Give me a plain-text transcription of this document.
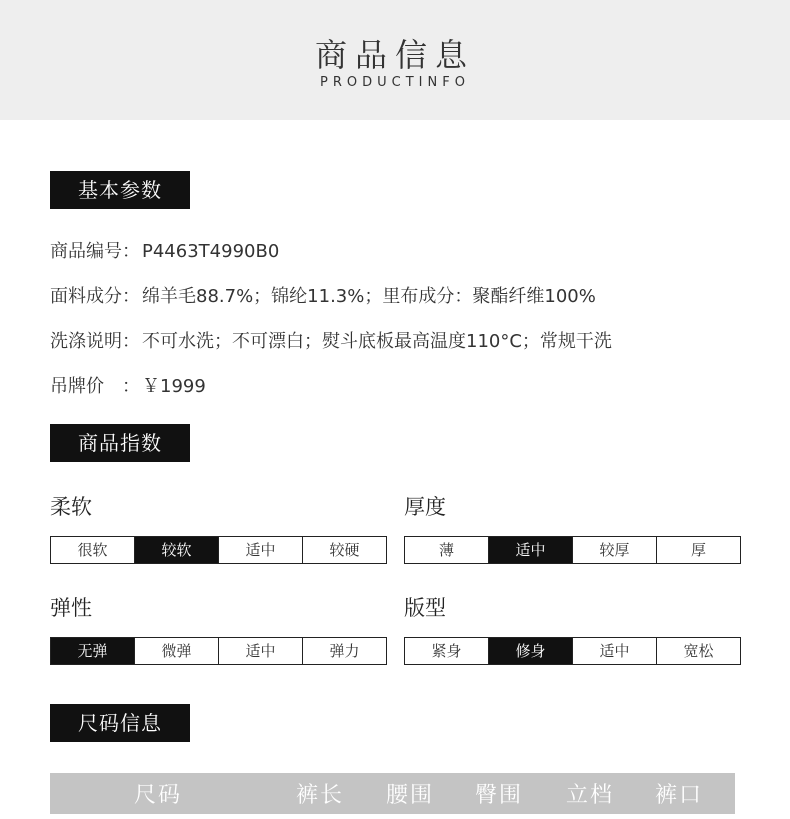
商品信息
PRODUCTINFO
基本参数
商品编号： P4463T4990B0
面料成分： 绵羊毛88.7%；锦纶11.3%；里布成分：聚酯纤维100%
洗涤说明： 不可水洗；不可漂白；熨斗底板最高温度110°C；常规干洗
吊牌价　： ￥1999
商品指数
柔软
很软	较软	适中	较硬
厚度
薄	适中	较厚	厚
弹性
无弹	微弹	适中	弹力
版型
紧身	修身	适中	宽松
尺码信息
尺码	裤长 腰围 臀围 立档 裤口
